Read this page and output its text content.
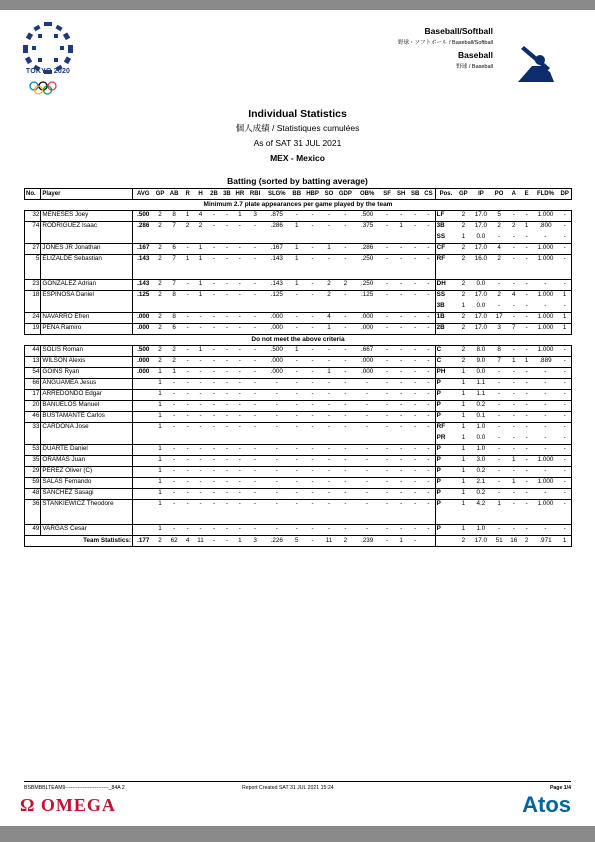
TOKYO 2020
Baseball/Softball
野球・ソフトボール / Baseball/Softball
Baseball
野球 / Baseball
Individual Statistics
個人成績 / Statistiques cumulées
As of SAT 31 JUL 2021
MEX - Mexico
Batting (sorted by batting average)
No.	Player	AVG	GP	AB	R	H	2B	3B	HR	RBI	SLG%	BB	HBP	SO	GDP	OB%	SF	SH	SB	CS	Pos.	GP	IP	PO	A	E	FLD%	DP
Minimum 2.7 plate appearances per game played by the team																												
32	MENESES Joey	.500	2	8	1	4	-	-	1	3	.875	-	-	-	-	.500	-	-	-	-	LF	2	17.0	5	-	-	1.000	-
74	RODRIGUEZ Isaac	.286	2	7	2	2	-	-	-	-	.286	1	-	-	-	.375	-	1	-	-	3B	2	17.0	2	2	1	.800	-
																					SS	1	0.0	-	-	-	-	-
27	JONES JR Jonathan	.167	2	6	-	1	-	-	-	-	.167	1	-	1	-	.286	-	-	-	-	CF	2	17.0	4	-	-	1.000	-
5	ELIZALDE Sebastian	.143	2	7	1	1	-	-	-	-	.143	1	-	-	-	.250	-	-	-	-	RF	2	16.0	2	-	-	1.000	-
23	GONZALEZ Adrian	.143	2	7	-	1	-	-	-	-	.143	1	-	2	2	.250	-	-	-	-	DH	2	0.0	-	-	-	-	-
18	ESPINOSA Daniel	.125	2	8	-	1	-	-	-	-	.125	-	-	2	-	.125	-	-	-	-	SS	2	17.0	2	4	-	1.000	1
																					3B	1	0.0	-	-	-	-	-
24	NAVARRO Efren	.000	2	8	-	-	-	-	-	-	.000	-	-	4	-	.000	-	-	-	-	1B	2	17.0	17	-	-	1.000	1
19	PENA Ramiro	.000	2	6	-	-	-	-	-	-	.000	-	-	1	-	.000	-	-	-	-	2B	2	17.0	3	7	-	1.000	1
Do not meet the above criteria																												
44	SOLIS Roman	.500	2	2	-	1	-	-	-	-	.500	1	-	-	-	.667	-	-	-	-	C	2	8.0	8	-	-	1.000	-
13	WILSON Alexis	.000	2	2	-	-	-	-	-	-	.000	-	-	-	-	.000	-	-	-	-	C	2	9.0	7	1	1	.889	-
54	GOINS Ryan	.000	1	1	-	-	-	-	-	-	.000	-	-	1	-	.000	-	-	-	-	PH	1	0.0	-	-	-	-	-
66	ANGUAMEA Jesus		1	-	-	-	-	-	-	-	-	-	-	-	-	-	-	-	-	-	P	1	1.1	-	-	-	-	-
17	ARREDONDO Edgar		1	-	-	-	-	-	-	-	-	-	-	-	-	-	-	-	-	-	P	1	1.1	-	-	-	-	-
20	BANUELOS Manuel		1	-	-	-	-	-	-	-	-	-	-	-	-	-	-	-	-	-	P	1	0.2	-	-	-	-	-
46	BUSTAMANTE Carlos		1	-	-	-	-	-	-	-	-	-	-	-	-	-	-	-	-	-	P	1	0.1	-	-	-	-	-
33	CARDONA Jose		1	-	-	-	-	-	-	-	-	-	-	-	-	-	-	-	-	-	RF	1	1.0	-	-	-	-	-
																					PR	1	0.0	-	-	-	-	-
53	DUARTE Daniel		1	-	-	-	-	-	-	-	-	-	-	-	-	-	-	-	-	-	P	1	1.0	-	-	-	-	-
35	ORAMAS Juan		1	-	-	-	-	-	-	-	-	-	-	-	-	-	-	-	-	-	P	1	3.0	-	1	-	1.000	-
29	PEREZ Oliver (C)		1	-	-	-	-	-	-	-	-	-	-	-	-	-	-	-	-	-	P	1	0.2	-	-	-	-	-
59	SALAS Fernando		1	-	-	-	-	-	-	-	-	-	-	-	-	-	-	-	-	-	P	1	2.1	-	1	-	1.000	-
48	SANCHEZ Sasagi		1	-	-	-	-	-	-	-	-	-	-	-	-	-	-	-	-	-	P	1	0.2	-	-	-	-	-
36	STANKIEWICZ Theodore		1	-	-	-	-	-	-	-	-	-	-	-	-	-	-	-	-	-	P	1	4.2	1	-	-	1.000	-
49	VARGAS Cesar		1	-	-	-	-	-	-	-	-	-	-	-	-	-	-	-	-	-	P	1	1.0	-	-	-	-	-
Team Statistics:		.177	2	62	4	11	-	-	1	3	.226	5	-	11	2	.239	-	1	-			2	17.0	51	16	2	.971	1
BSBMBBLTEAM9-------------------------_84A 2	Report Created SAT 31 JUL 2021 15:24	Page 1/4
Ω OMEGA	Atos
